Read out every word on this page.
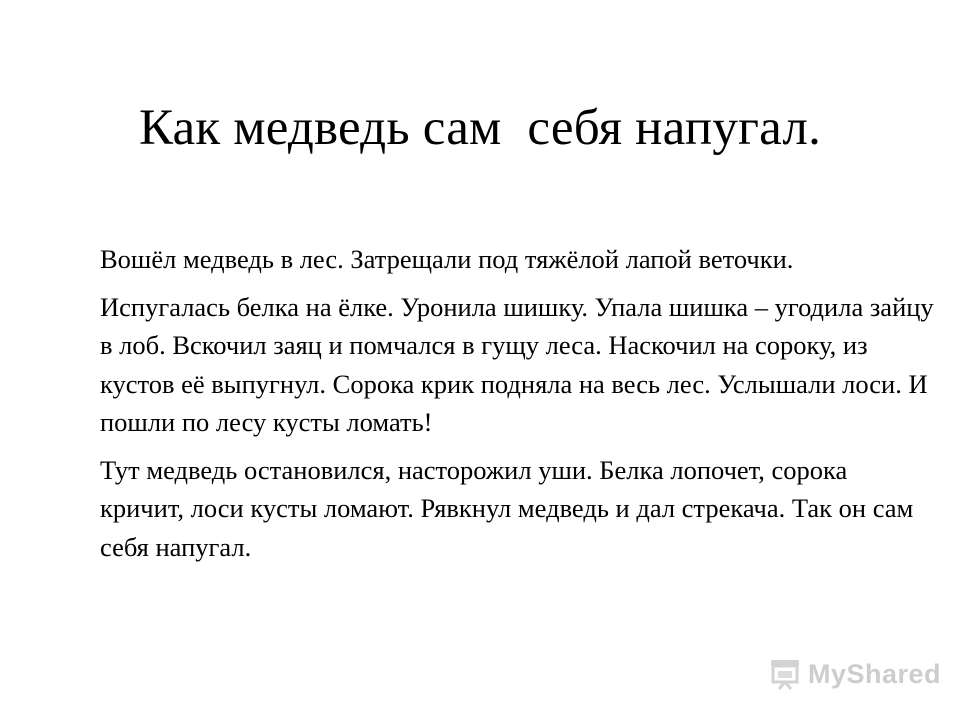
Как медведь сам  себя напугал.

Вошёл медведь в лес. Затрещали под тяжёлой лапой веточки.

Испугалась белка на ёлке. Уронила шишку. Упала шишка – угодила зайцу в лоб. Вскочил заяц и помчался в гущу леса. Наскочил на сороку, из кустов её выпугнул. Сорока крик подняла на весь лес. Услышали лоси. И пошли по лесу кусты ломать!

Тут медведь остановился, насторожил уши. Белка лопочет, сорока кричит, лоси кусты ломают. Рявкнул медведь и дал стрекача. Так он сам себя напугал.

MyShared
